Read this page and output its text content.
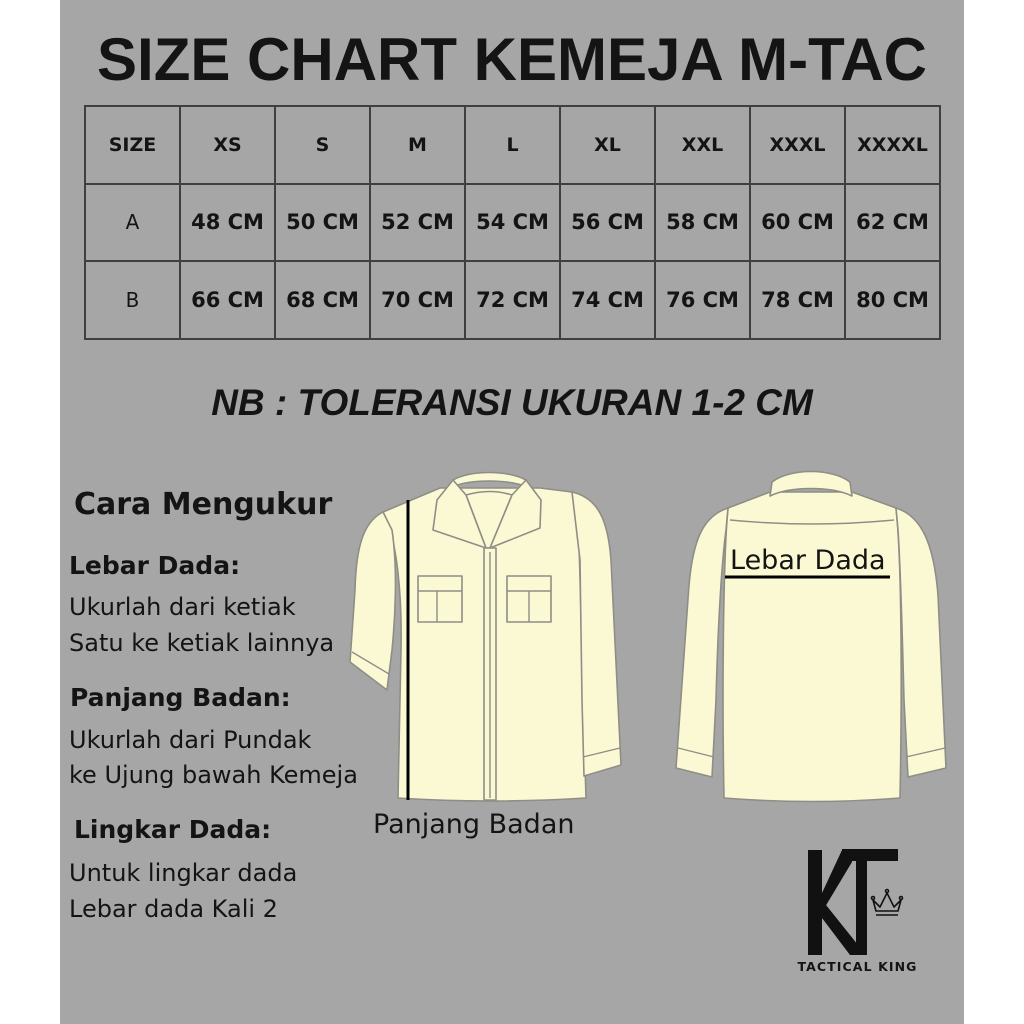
SIZE CHART KEMEJA M-TAC
SIZE	XS	S	M	L	XL	XXL	XXXL	XXXXL
A	48 CM	50 CM	52 CM	54 CM	56 CM	58 CM	60 CM	62 CM
B	66 CM	68 CM	70 CM	72 CM	74 CM	76 CM	78 CM	80 CM
NB : TOLERANSI UKURAN 1-2 CM
Cara Mengukur
Lebar Dada:
Ukurlah dari ketiak
Satu ke ketiak lainnya
Panjang Badan:
Ukurlah dari Pundak
ke Ujung bawah Kemeja
Lingkar Dada:
Untuk lingkar dada
Lebar dada Kali 2
Panjang Badan
Lebar Dada
TACTICAL KING
